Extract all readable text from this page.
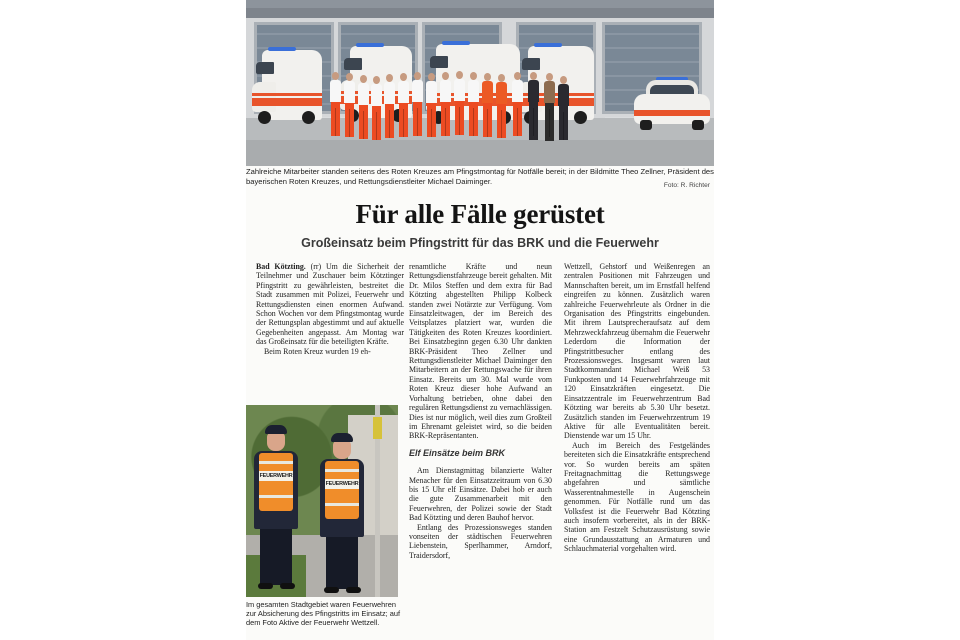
Zahlreiche Mitarbeiter standen seitens des Roten Kreuzes am Pfingstmontag für Notfälle bereit; in der Bildmitte Theo Zellner, Präsident des bayerischen Roten Kreuzes, und Rettungsdienstleiter Michael Daiminger.	Foto: R. Richter
Für alle Fälle gerüstet
Großeinsatz beim Pfingstritt für das BRK und die Feuerwehr

Bad Kötzting. (rr) Um die Sicherheit der Teilnehmer und Zuschauer beim Kötztinger Pfingstritt zu gewährleisten, bestreitet die Stadt zusammen mit Polizei, Feuerwehr und Rettungsdiensten einen enormen Aufwand. Schon Wochen vor dem Pfingstmontag wurde der Rettungsplan abgestimmt und auf aktuelle Gegebenheiten angepasst. Am Montag war das Großeinsatz für die beteiligten Kräfte.

Beim Roten Kreuz wurden 19 eh-

FEUERWEHR
FEUERWEHR

Im gesamten Stadtgebiet waren Feuerwehren zur Absicherung des Pfingstritts im Einsatz; auf dem Foto Aktive der Feuerwehr Wettzell.

renamtliche Kräfte und neun Rettungsdienstfahrzeuge bereit gehalten. Mit Dr. Milos Steffen und dem extra für Bad Kötzting abgestellten Philipp Kolbeck standen zwei Notärzte zur Verfügung. Vom Einsatzleitwagen, der im Bereich des Veitsplatzes platziert war, wurden die Tätigkeiten des Roten Kreuzes koordiniert. Bei Einsatzbeginn gegen 6.30 Uhr dankten BRK-Präsident Theo Zellner und Rettungsdienstleiter Michael Daiminger den Mitarbeitern an der Rettungswache für ihren Einsatz. Bereits um 30. Mal wurde vom Roten Kreuz dieser hohe Aufwand an Vorhaltung betrieben, ohne dabei den regulären Rettungsdienst zu vernachlässigen. Dies ist nur möglich, weil dies zum Großteil im Ehrenamt geleistet wird, so die beiden BRK-Repräsentanten.

Elf Einsätze beim BRK

Am Dienstagmittag bilanzierte Walter Menacher für den Einsatzzeitraum von 6.30 bis 15 Uhr elf Einsätze. Dabei hob er auch die gute Zusammenarbeit mit den Feuerwehren, der Polizei sowie der Stadt Bad Kötzting und deren Bauhof hervor.

Entlang des Prozessionsweges standen vonseiten der städtischen Feuerwehren Liebenstein, Sperlhammer, Arndorf, Traidersdorf,

Wettzell, Gehstorf und Weißenregen an zentralen Positionen mit Fahrzeugen und Mannschaften bereit, um im Ernstfall helfend eingreifen zu können. Zusätzlich waren zahlreiche Feuerwehrleute als Ordner in die Organisation des Pfingstritts eingebunden. Mit ihrem Lautsprecheraufsatz auf dem Mehrzweckfahrzeug übernahm die Feuerwehr Lederdorn die Information der Pfingstrittbesucher entlang des Prozessionsweges. Insgesamt waren laut Stadtkommandant Michael Weiß 53 Funkposten und 14 Feuerwehrfahrzeuge mit 120 Einsatzkräften eingesetzt. Die Einsatzzentrale im Feuerwehrzentrum Bad Kötzting war bereits ab 5.30 Uhr besetzt. Zusätzlich standen im Feuerwehrzentrum 19 Aktive für alle Eventualitäten bereit. Dienstende war um 15 Uhr.

Auch im Bereich des Festgeländes bereiteten sich die Einsatzkräfte entsprechend vor. So wurden bereits am späten Freitagnachmittag die Rettungswege abgefahren und sämtliche Wasserentnahmestelle in Augenschein genommen. Für Notfälle rund um das Volksfest ist die Feuerwehr Bad Kötzting auch insofern vorbereitet, als in der BRK-Station am Festzelt Schutzausrüstung sowie eine Grundausstattung an Armaturen und Schlauchmaterial vorgehalten wird.
